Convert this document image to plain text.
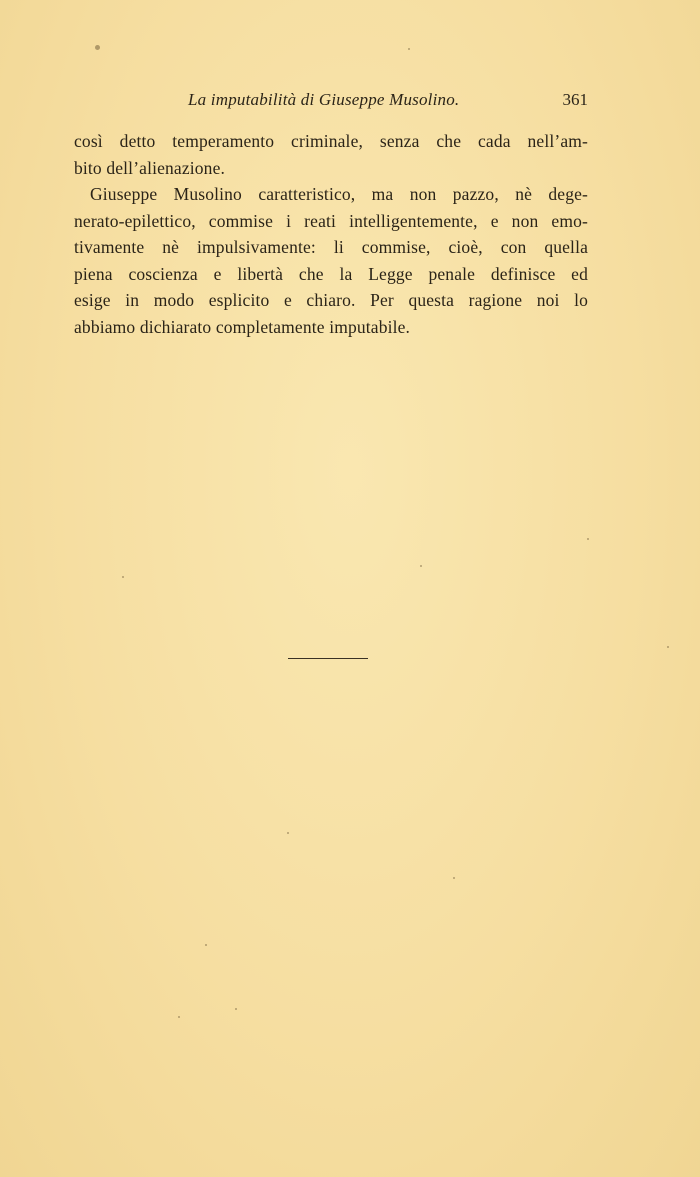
La imputabilità di Giuseppe Musolino.	361
così detto temperamento criminale, senza che cada nell’am-
bito dell’alienazione.
Giuseppe Musolino caratteristico, ma non pazzo, nè dege-
nerato-epilettico, commise i reati intelligentemente, e non emo-
tivamente nè impulsivamente: li commise, cioè, con quella
piena coscienza e libertà che la Legge penale definisce ed
esige in modo esplicito e chiaro. Per questa ragione noi lo
abbiamo dichiarato completamente imputabile.
